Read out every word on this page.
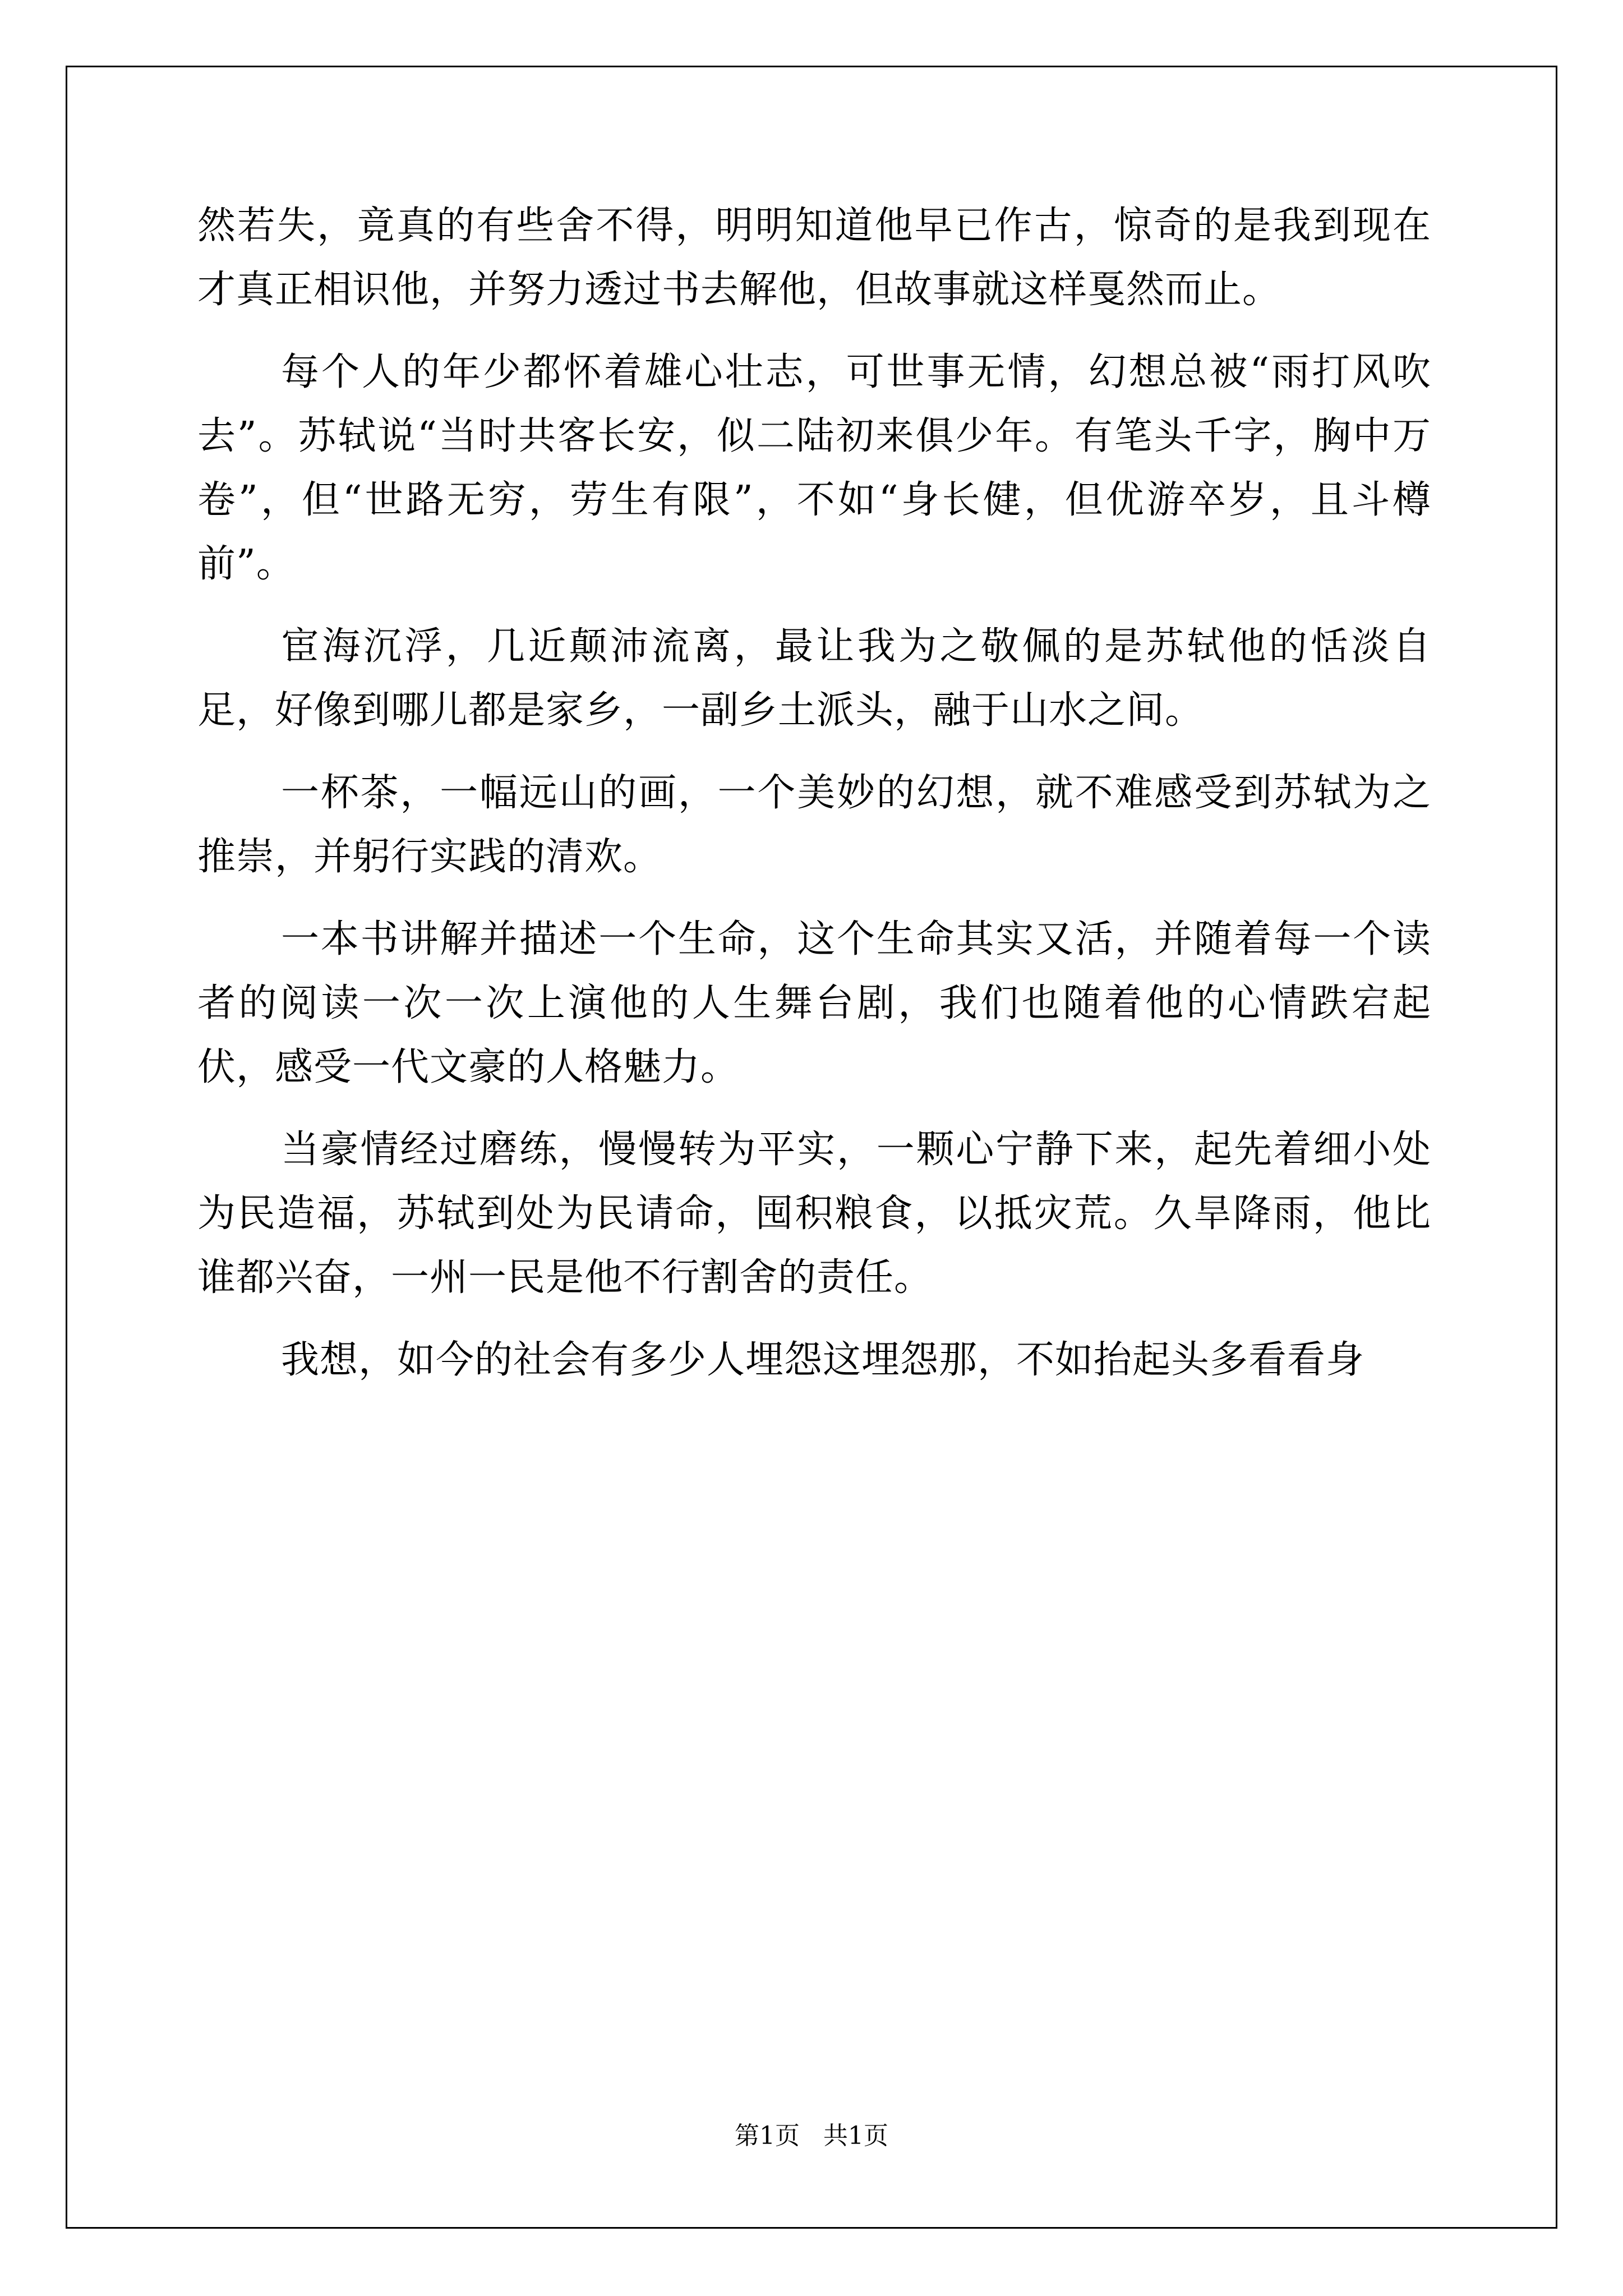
然若失，竟真的有些舍不得，明明知道他早已作古，惊奇的是我到现在才真正相识他，并努力透过书去解他，但故事就这样戛然而止。

每个人的年少都怀着雄心壮志，可世事无情，幻想总被“雨打风吹去”。苏轼说“当时共客长安，似二陆初来俱少年。有笔头千字，胸中万卷”，但“世路无穷，劳生有限”，不如“身长健，但优游卒岁，且斗樽前”。

宦海沉浮，几近颠沛流离，最让我为之敬佩的是苏轼他的恬淡自足，好像到哪儿都是家乡，一副乡土派头，融于山水之间。

一杯茶，一幅远山的画，一个美妙的幻想，就不难感受到苏轼为之推崇，并躬行实践的清欢。

一本书讲解并描述一个生命，这个生命其实又活，并随着每一个读者的阅读一次一次上演他的人生舞台剧，我们也随着他的心情跌宕起伏，感受一代文豪的人格魅力。

当豪情经过磨练，慢慢转为平实，一颗心宁静下来，起先着细小处为民造福，苏轼到处为民请命，囤积粮食，以抵灾荒。久旱降雨，他比谁都兴奋，一州一民是他不行割舍的责任。

我想，如今的社会有多少人埋怨这埋怨那，不如抬起头多看看身

第1页 共1页
